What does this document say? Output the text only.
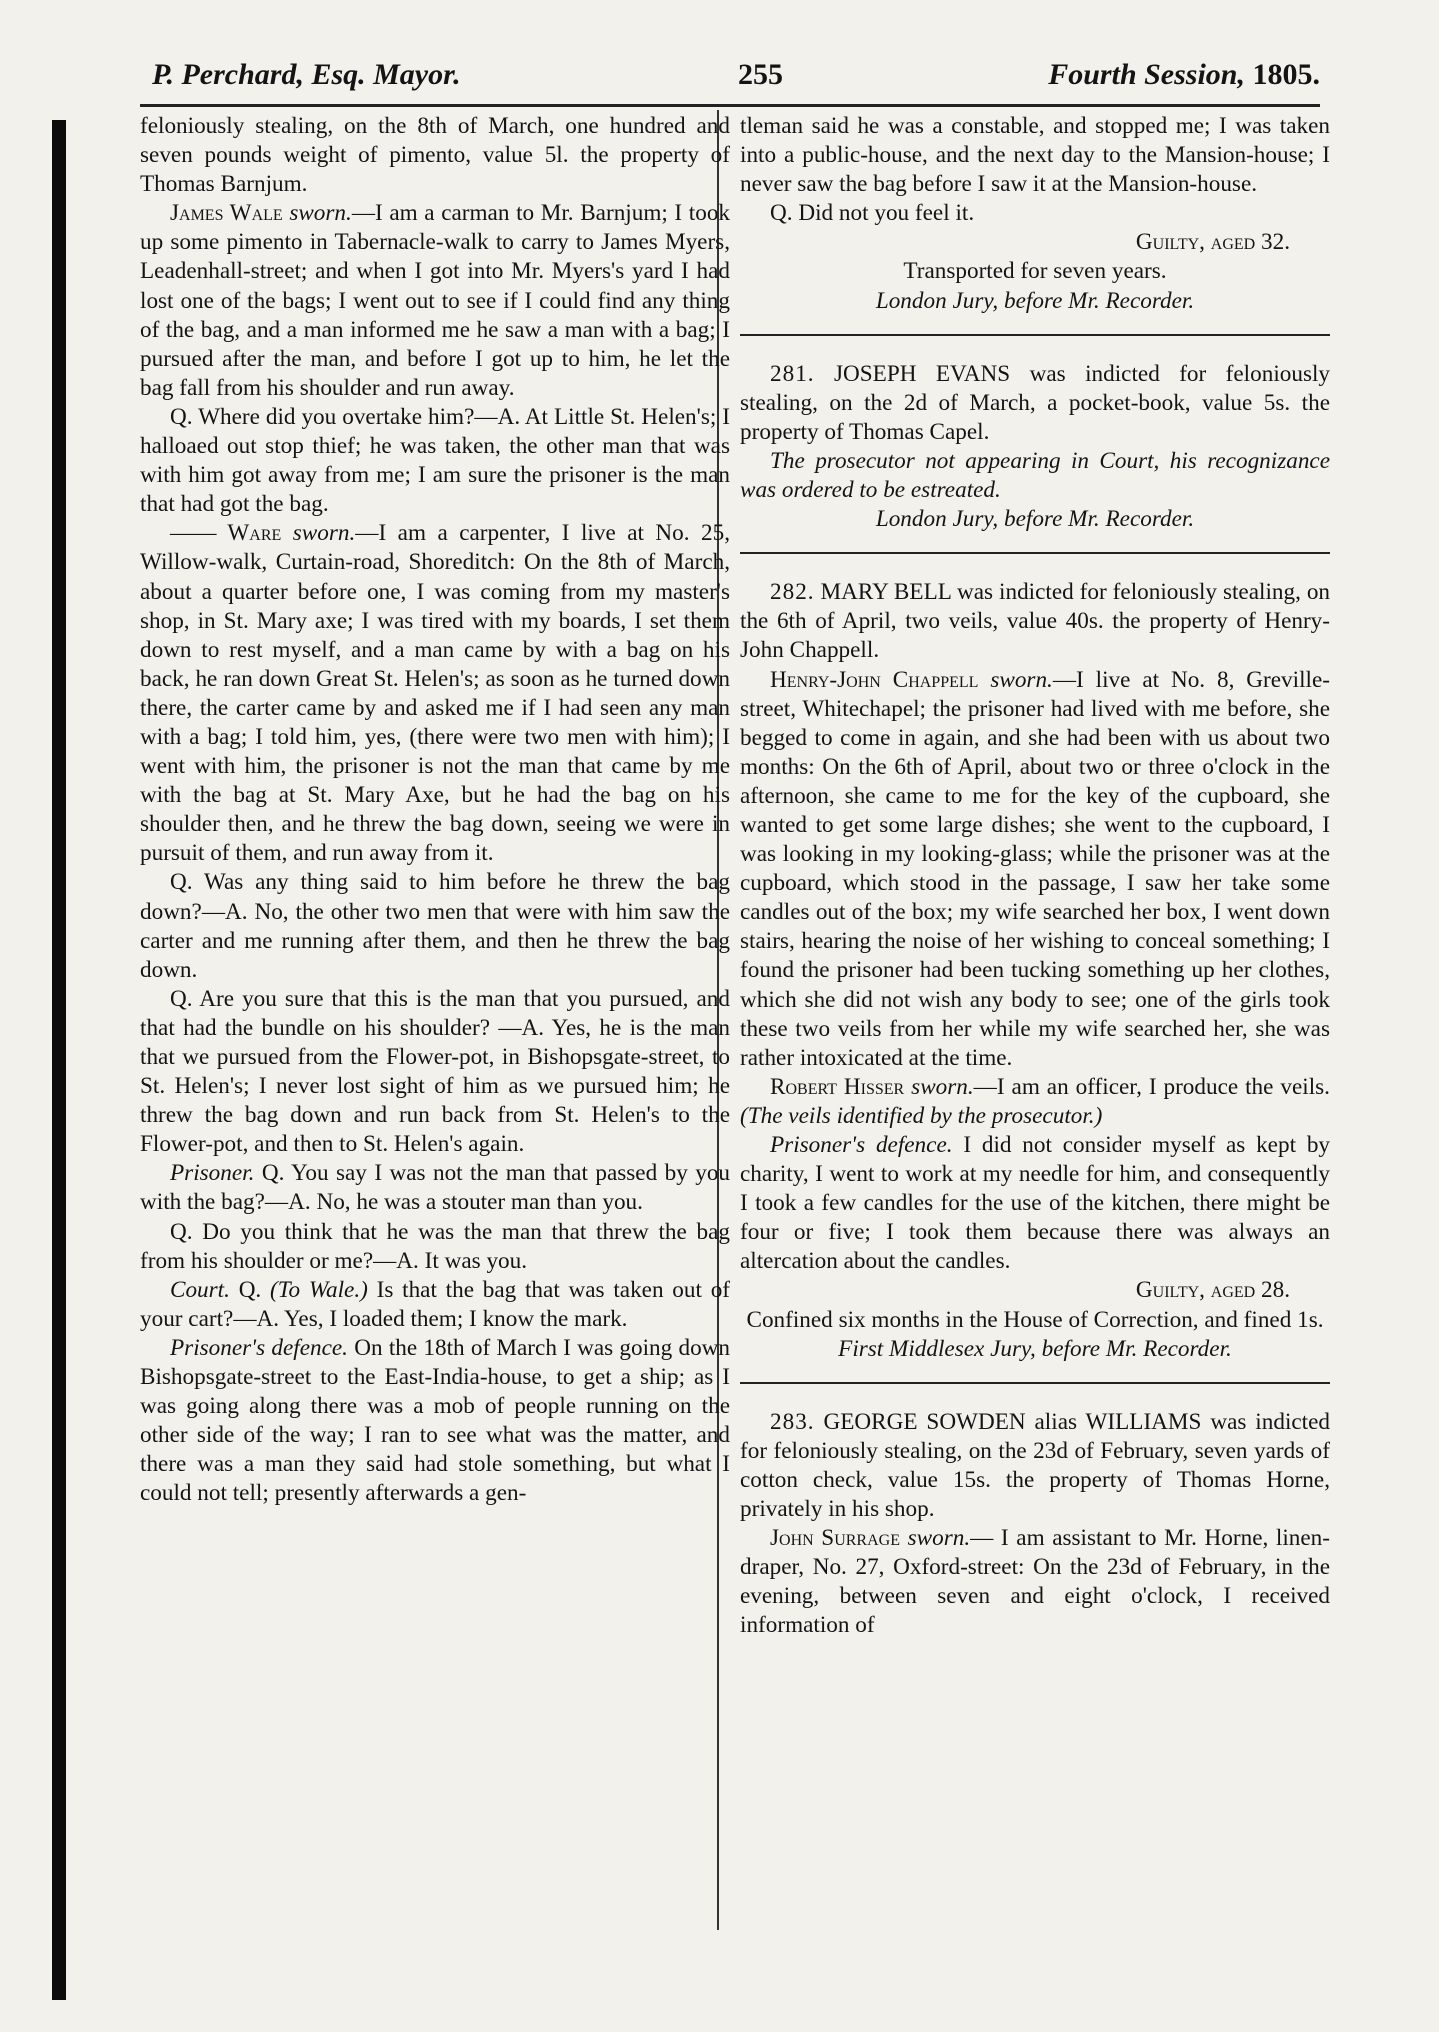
P. Perchard, Esq. Mayor.	255	Fourth Session, 1805.

feloniously stealing, on the 8th of March, one hundred and seven pounds weight of pimento, value 5l. the property of Thomas Barnjum.

James Wale sworn.—I am a carman to Mr. Barnjum; I took up some pimento in Tabernacle-walk to carry to James Myers, Leadenhall-street; and when I got into Mr. Myers's yard I had lost one of the bags; I went out to see if I could find any thing of the bag, and a man informed me he saw a man with a bag; I pursued after the man, and before I got up to him, he let the bag fall from his shoulder and run away.

Q. Where did you overtake him?—A. At Little St. Helen's; I halloaed out stop thief; he was taken, the other man that was with him got away from me; I am sure the prisoner is the man that had got the bag.

—— Ware sworn.—I am a carpenter, I live at No. 25, Willow-walk, Curtain-road, Shoreditch: On the 8th of March, about a quarter before one, I was coming from my master's shop, in St. Mary axe; I was tired with my boards, I set them down to rest myself, and a man came by with a bag on his back, he ran down Great St. Helen's; as soon as he turned down there, the carter came by and asked me if I had seen any man with a bag; I told him, yes, (there were two men with him); I went with him, the prisoner is not the man that came by me with the bag at St. Mary Axe, but he had the bag on his shoulder then, and he threw the bag down, seeing we were in pursuit of them, and run away from it.

Q. Was any thing said to him before he threw the bag down?—A. No, the other two men that were with him saw the carter and me running after them, and then he threw the bag down.

Q. Are you sure that this is the man that you pursued, and that had the bundle on his shoulder? —A. Yes, he is the man that we pursued from the Flower-pot, in Bishopsgate-street, to St. Helen's; I never lost sight of him as we pursued him; he threw the bag down and run back from St. Helen's to the Flower-pot, and then to St. Helen's again.

Prisoner. Q. You say I was not the man that passed by you with the bag?—A. No, he was a stouter man than you.

Q. Do you think that he was the man that threw the bag from his shoulder or me?—A. It was you.

Court. Q. (To Wale.) Is that the bag that was taken out of your cart?—A. Yes, I loaded them; I know the mark.

Prisoner's defence. On the 18th of March I was going down Bishopsgate-street to the East-India-house, to get a ship; as I was going along there was a mob of people running on the other side of the way; I ran to see what was the matter, and there was a man they said had stole something, but what I could not tell; presently afterwards a gen-

tleman said he was a constable, and stopped me; I was taken into a public-house, and the next day to the Mansion-house; I never saw the bag before I saw it at the Mansion-house.

Q. Did not you feel it.

Guilty, aged 32.

Transported for seven years.

London Jury, before Mr. Recorder.

281. JOSEPH EVANS was indicted for feloniously stealing, on the 2d of March, a pocket-book, value 5s. the property of Thomas Capel.

The prosecutor not appearing in Court, his recognizance was ordered to be estreated.

London Jury, before Mr. Recorder.

282. MARY BELL was indicted for feloniously stealing, on the 6th of April, two veils, value 40s. the property of Henry-John Chappell.

Henry-John Chappell sworn.—I live at No. 8, Greville-street, Whitechapel; the prisoner had lived with me before, she begged to come in again, and she had been with us about two months: On the 6th of April, about two or three o'clock in the afternoon, she came to me for the key of the cupboard, she wanted to get some large dishes; she went to the cupboard, I was looking in my looking-glass; while the prisoner was at the cupboard, which stood in the passage, I saw her take some candles out of the box; my wife searched her box, I went down stairs, hearing the noise of her wishing to conceal something; I found the prisoner had been tucking something up her clothes, which she did not wish any body to see; one of the girls took these two veils from her while my wife searched her, she was rather intoxicated at the time.

Robert Hisser sworn.—I am an officer, I produce the veils. (The veils identified by the prosecutor.)

Prisoner's defence. I did not consider myself as kept by charity, I went to work at my needle for him, and consequently I took a few candles for the use of the kitchen, there might be four or five; I took them because there was always an altercation about the candles.

Guilty, aged 28.

Confined six months in the House of Correction, and fined 1s.

First Middlesex Jury, before Mr. Recorder.

283. GEORGE SOWDEN alias WILLIAMS was indicted for feloniously stealing, on the 23d of February, seven yards of cotton check, value 15s. the property of Thomas Horne, privately in his shop.

John Surrage sworn.— I am assistant to Mr. Horne, linen-draper, No. 27, Oxford-street: On the 23d of February, in the evening, between seven and eight o'clock, I received information of
